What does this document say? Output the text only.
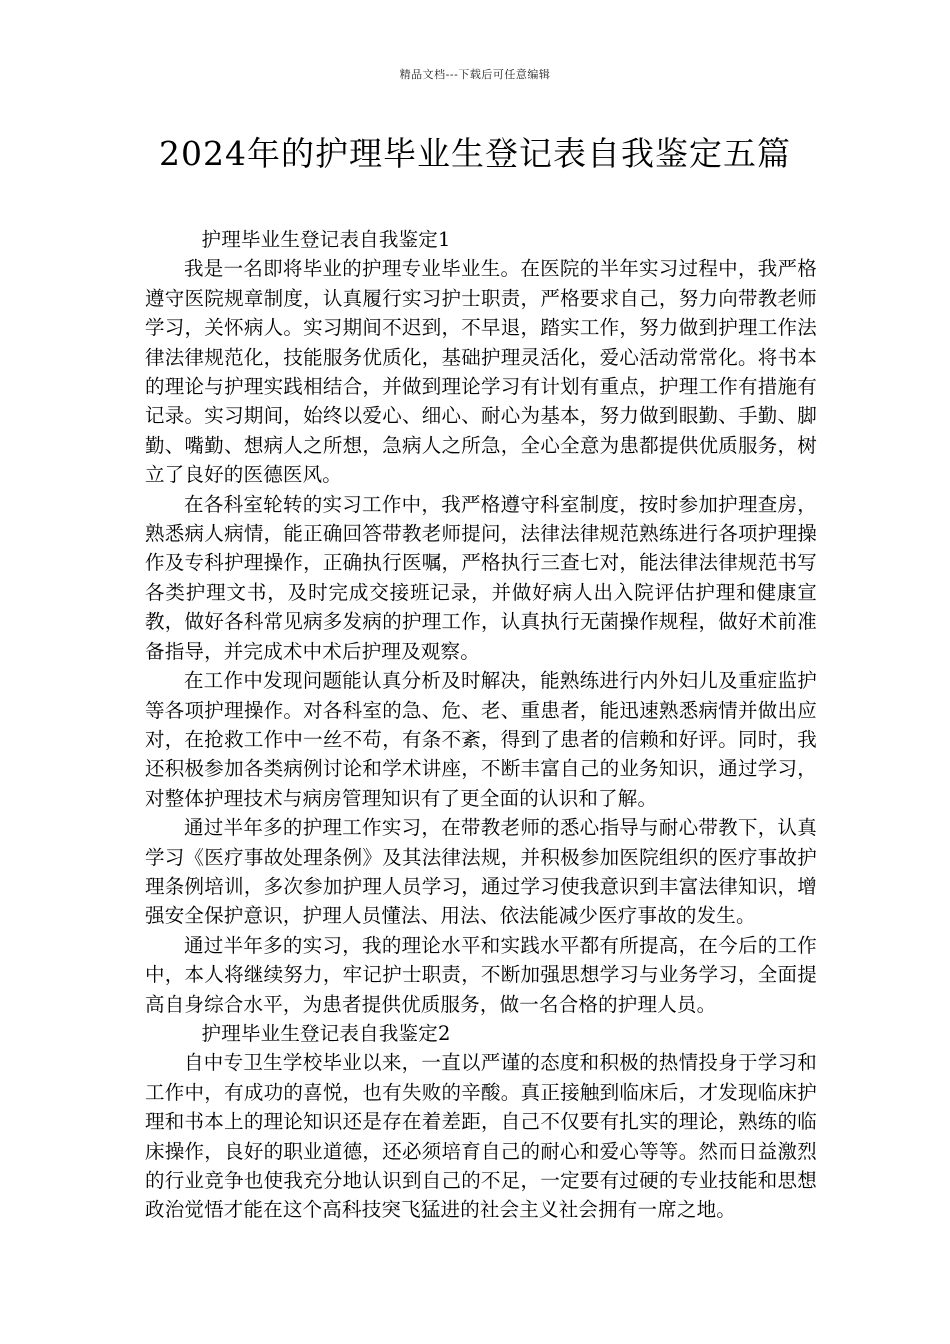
精品文档---下载后可任意编辑
2024年的护理毕业生登记表自我鉴定五篇

护理毕业生登记表自我鉴定1

我是一名即将毕业的护理专业毕业生。在医院的半年实习过程中，我严格遵守医院规章制度，认真履行实习护士职责，严格要求自己，努力向带教老师学习，关怀病人。实习期间不迟到，不早退，踏实工作，努力做到护理工作法律法律规范化，技能服务优质化，基础护理灵活化，爱心活动常常化。将书本的理论与护理实践相结合，并做到理论学习有计划有重点，护理工作有措施有记录。实习期间，始终以爱心、细心、耐心为基本，努力做到眼勤、手勤、脚勤、嘴勤、想病人之所想，急病人之所急，全心全意为患都提供优质服务，树立了良好的医德医风。

在各科室轮转的实习工作中，我严格遵守科室制度，按时参加护理查房，熟悉病人病情，能正确回答带教老师提问，法律法律规范熟练进行各项护理操作及专科护理操作，正确执行医嘱，严格执行三查七对，能法律法律规范书写各类护理文书，及时完成交接班记录，并做好病人出入院评估护理和健康宣教，做好各科常见病多发病的护理工作，认真执行无菌操作规程，做好术前准备指导，并完成术中术后护理及观察。

在工作中发现问题能认真分析及时解决，能熟练进行内外妇儿及重症监护等各项护理操作。对各科室的急、危、老、重患者，能迅速熟悉病情并做出应对，在抢救工作中一丝不苟，有条不紊，得到了患者的信赖和好评。同时，我还积极参加各类病例讨论和学术讲座，不断丰富自己的业务知识，通过学习，对整体护理技术与病房管理知识有了更全面的认识和了解。

通过半年多的护理工作实习，在带教老师的悉心指导与耐心带教下，认真学习《医疗事故处理条例》及其法律法规，并积极参加医院组织的医疗事故护理条例培训，多次参加护理人员学习，通过学习使我意识到丰富法律知识，增强安全保护意识，护理人员懂法、用法、依法能减少医疗事故的发生。

通过半年多的实习，我的理论水平和实践水平都有所提高，在今后的工作中，本人将继续努力，牢记护士职责，不断加强思想学习与业务学习，全面提高自身综合水平，为患者提供优质服务，做一名合格的护理人员。

护理毕业生登记表自我鉴定2

自中专卫生学校毕业以来，一直以严谨的态度和积极的热情投身于学习和工作中，有成功的喜悦，也有失败的辛酸。真正接触到临床后，才发现临床护理和书本上的理论知识还是存在着差距，自己不仅要有扎实的理论，熟练的临床操作，良好的职业道德，还必须培育自己的耐心和爱心等等。然而日益激烈的行业竞争也使我充分地认识到自己的不足，一定要有过硬的专业技能和思想政治觉悟才能在这个高科技突飞猛进的社会主义社会拥有一席之地。
